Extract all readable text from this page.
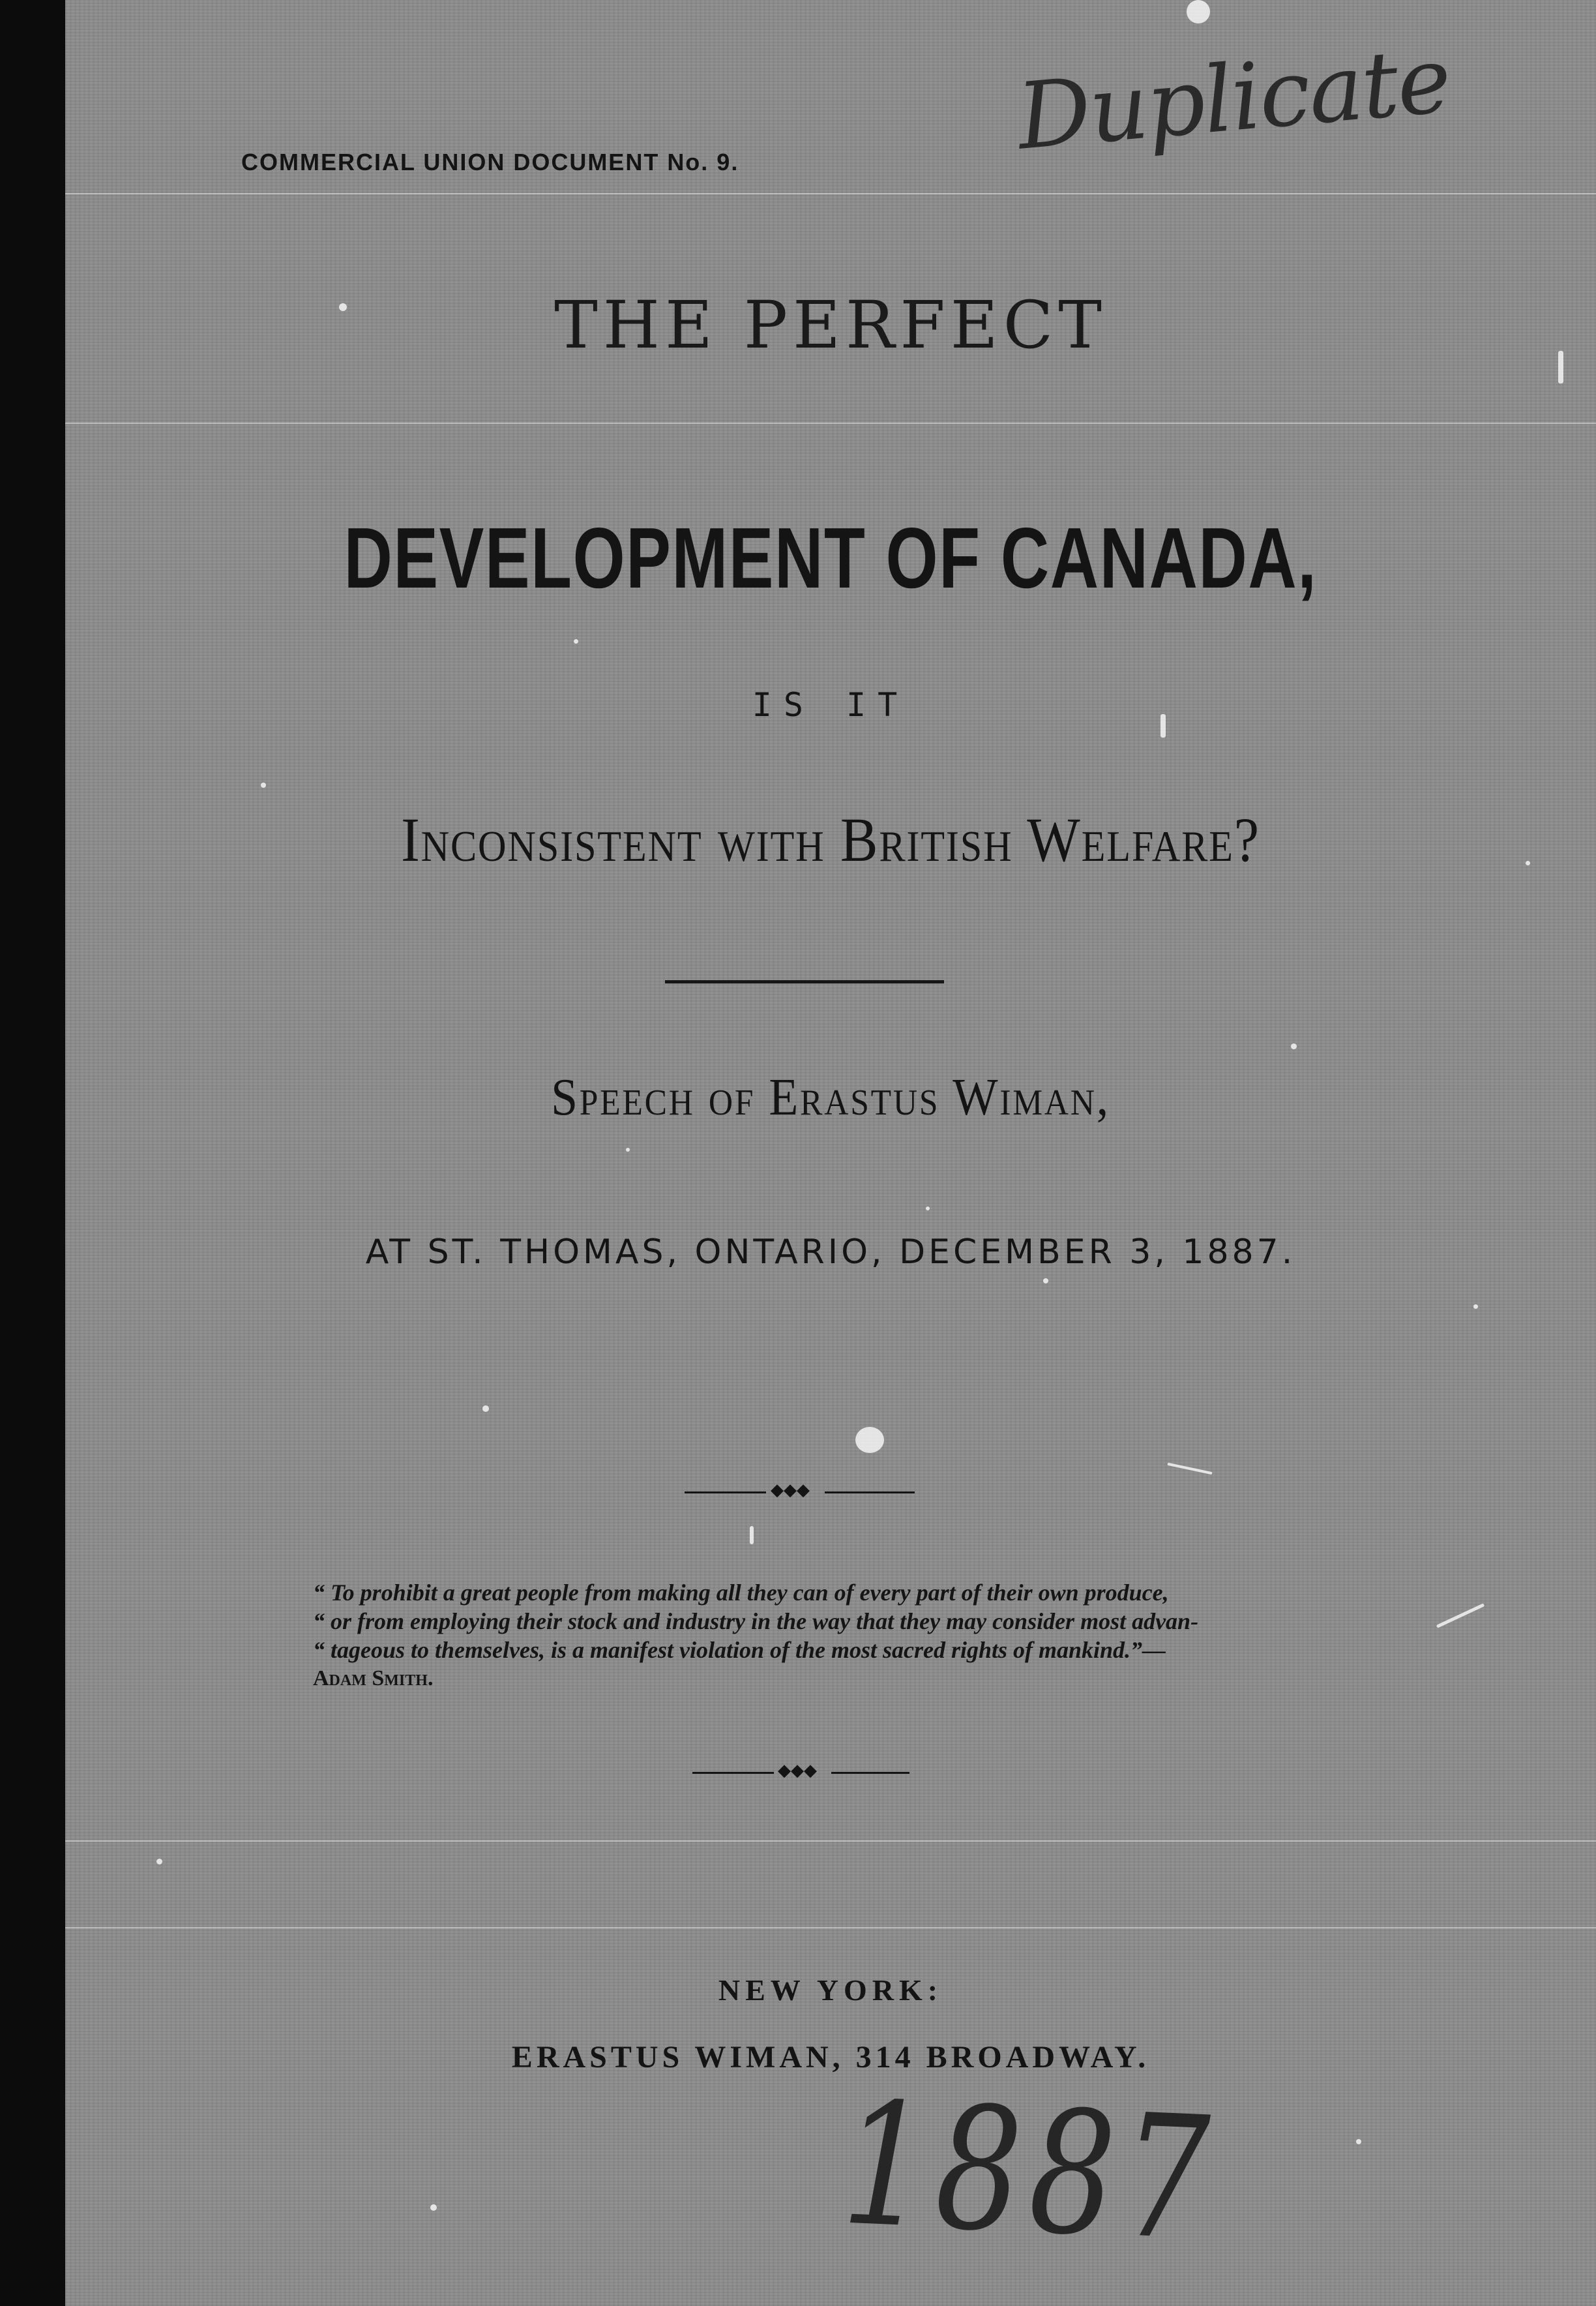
COMMERCIAL UNION DOCUMENT No. 9.	Duplicate
THE PERFECT
DEVELOPMENT OF CANADA,
IS IT
Inconsistent with British Welfare?
Speech of Erastus Wiman,
AT ST. THOMAS, ONTARIO, DECEMBER 3, 1887.
◆◆◆
“ To prohibit a great people from making all they can of every part of their own produce,
“ or from employing their stock and industry in the way that they may consider most advan-
“ tageous to themselves, is a manifest violation of the most sacred rights of mankind.”—
Adam Smith.
◆◆◆
NEW YORK:
ERASTUS WIMAN, 314 BROADWAY.
1887
